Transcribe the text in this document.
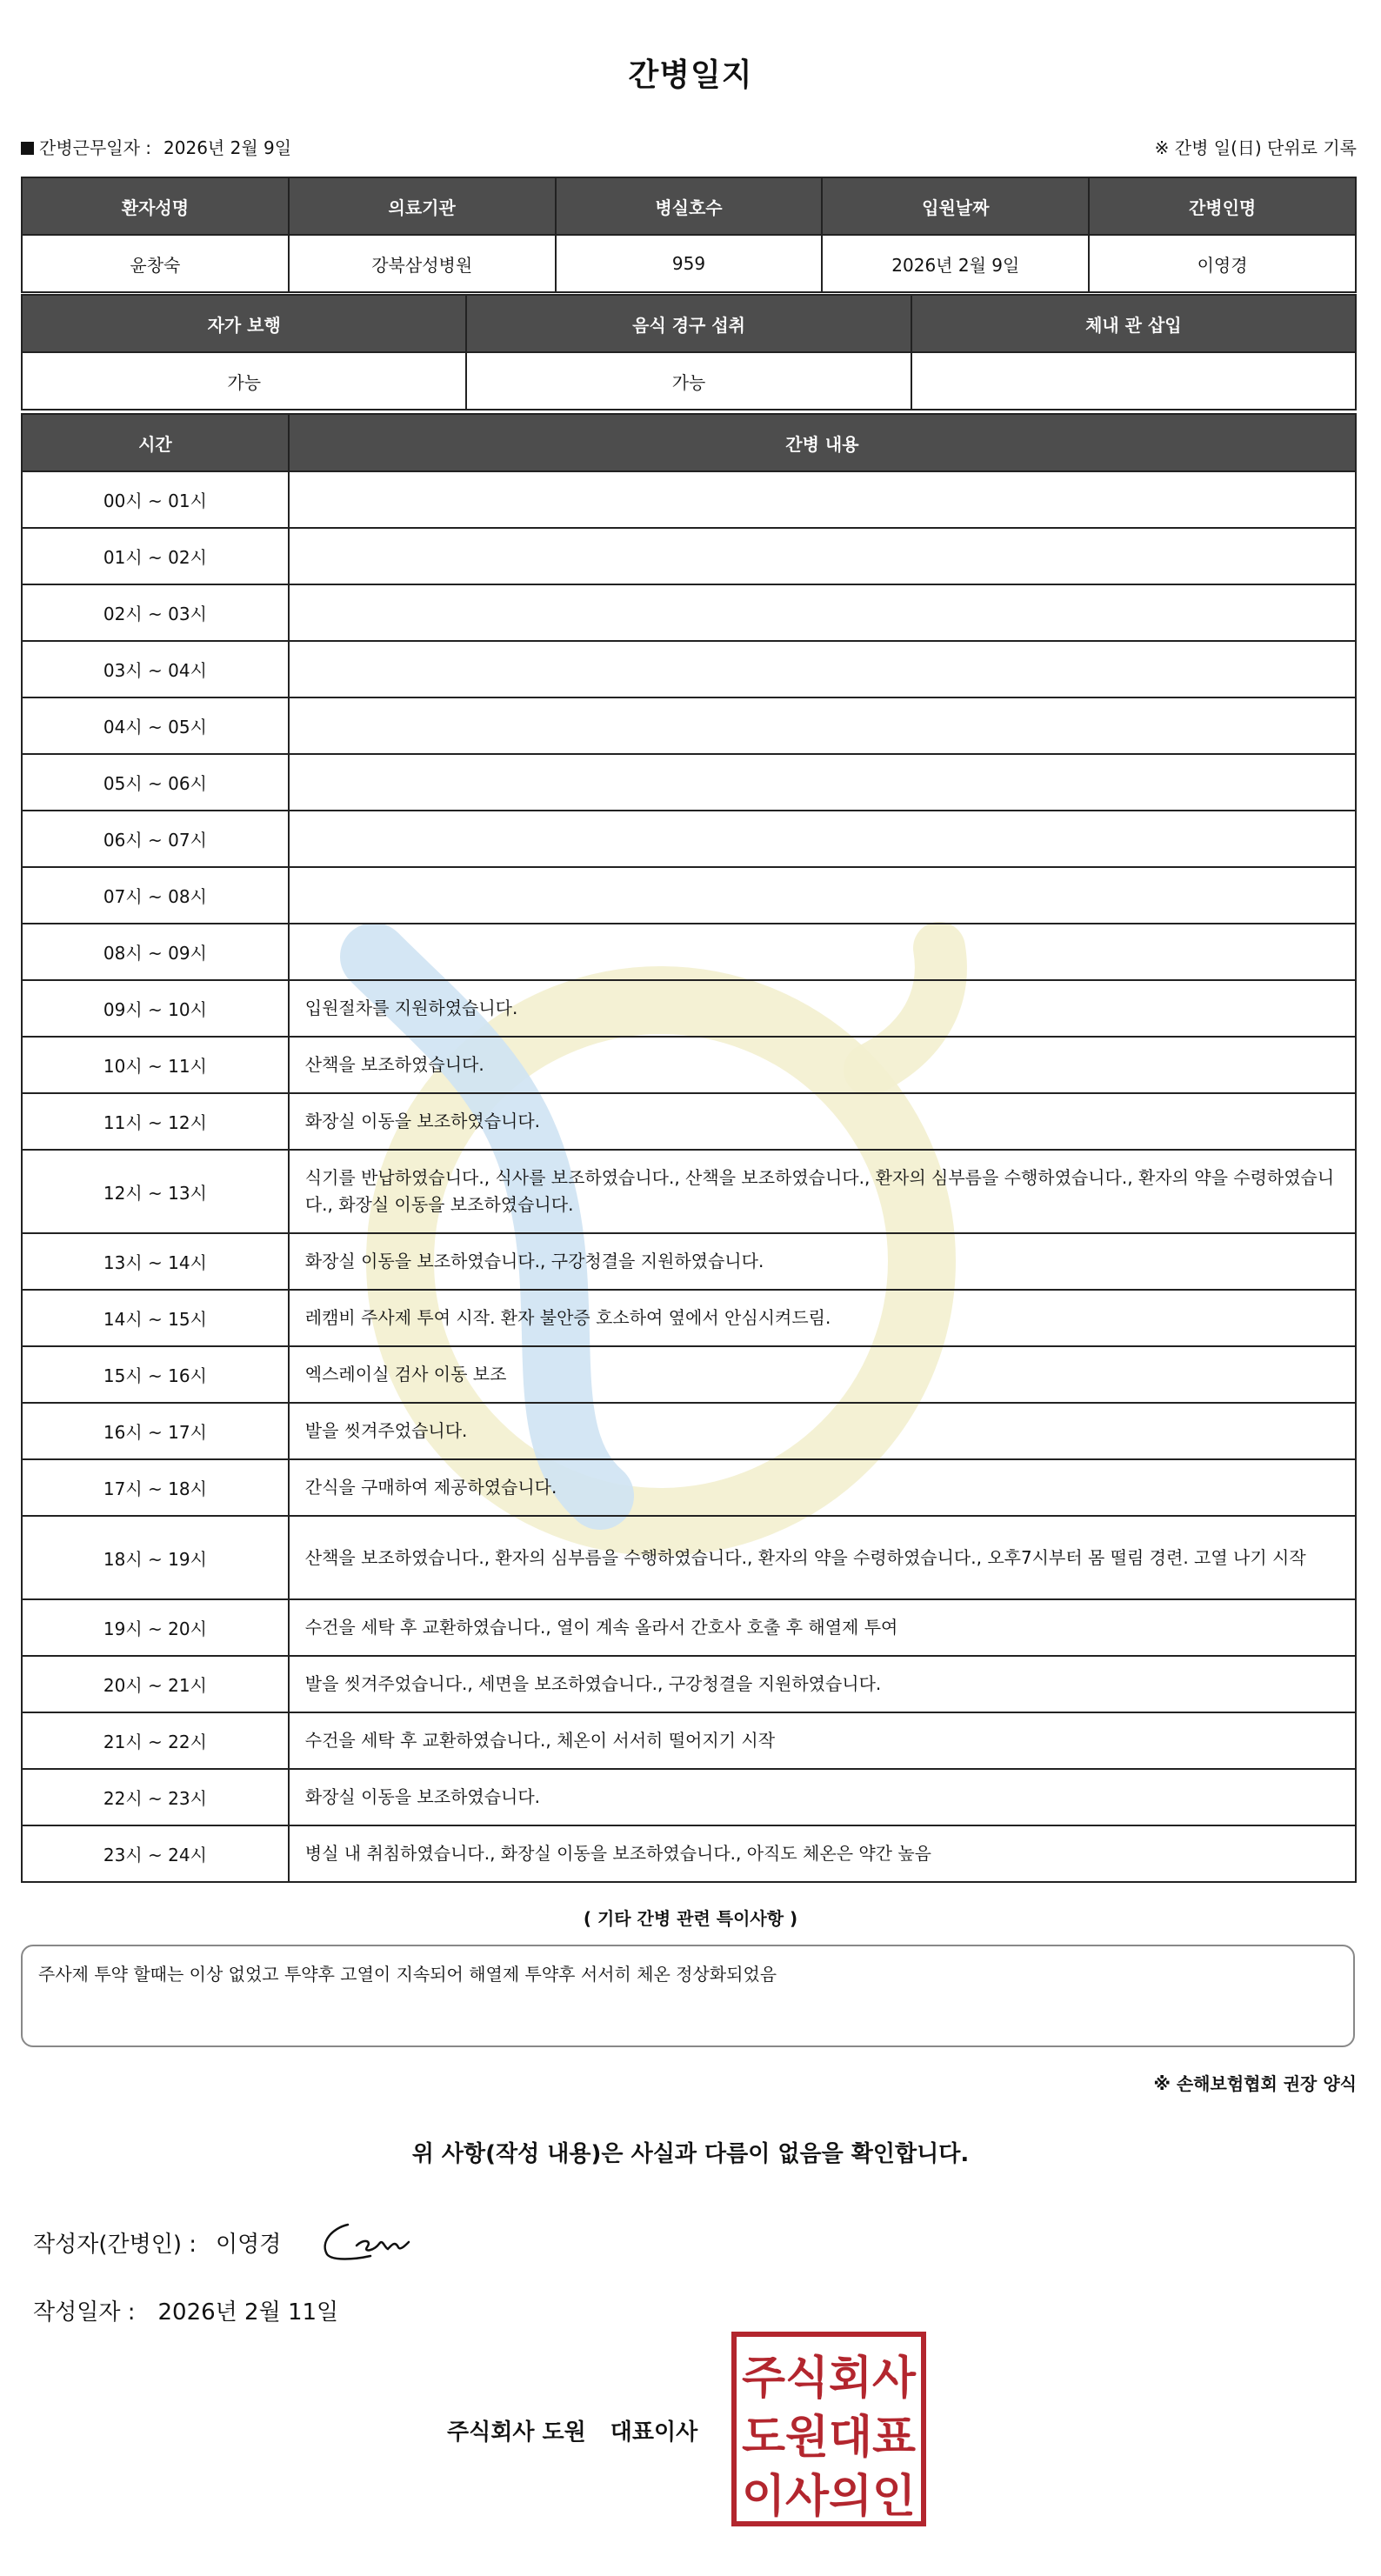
간병일지
간병근무일자 : 2026년 2월 9일	※ 간병 일(日) 단위로 기록
환자성명	의료기관	병실호수	입원날짜	간병인명
윤창숙	강북삼성병원	959	2026년 2월 9일	이영경
자가 보행	음식 경구 섭취	체내 관 삽입
가능	가능	
시간	간병 내용
00시 ~ 01시	
01시 ~ 02시	
02시 ~ 03시	
03시 ~ 04시	
04시 ~ 05시	
05시 ~ 06시	
06시 ~ 07시	
07시 ~ 08시	
08시 ~ 09시	
09시 ~ 10시	입원절차를 지원하였습니다.
10시 ~ 11시	산책을 보조하였습니다.
11시 ~ 12시	화장실 이동을 보조하였습니다.
12시 ~ 13시	식기를 반납하였습니다., 식사를 보조하였습니다., 산책을 보조하였습니다., 환자의 심부름을 수행하였습니다., 환자의 약을 수령하였습니다., 화장실 이동을 보조하였습니다.
13시 ~ 14시	화장실 이동을 보조하였습니다., 구강청결을 지원하였습니다.
14시 ~ 15시	레캠비 주사제 투여 시작. 환자 불안증 호소하여 옆에서 안심시켜드림.
15시 ~ 16시	엑스레이실 검사 이동 보조
16시 ~ 17시	발을 씻겨주었습니다.
17시 ~ 18시	간식을 구매하여 제공하였습니다.
18시 ~ 19시	산책을 보조하였습니다., 환자의 심부름을 수행하였습니다., 환자의 약을 수령하였습니다., 오후7시부터 몸 떨림 경련. 고열 나기 시작
19시 ~ 20시	수건을 세탁 후 교환하였습니다., 열이 계속 올라서 간호사 호출 후 해열제 투여
20시 ~ 21시	발을 씻겨주었습니다., 세면을 보조하였습니다., 구강청결을 지원하였습니다.
21시 ~ 22시	수건을 세탁 후 교환하였습니다., 체온이 서서히 떨어지기 시작
22시 ~ 23시	화장실 이동을 보조하였습니다.
23시 ~ 24시	병실 내 취침하였습니다., 화장실 이동을 보조하였습니다., 아직도 체온은 약간 높음
( 기타 간병 관련 특이사항 )
주사제 투약 할때는 이상 없었고 투약후 고열이 지속되어 해열제 투약후 서서히 체온 정상화되었음
※ 손해보험협회 권장 양식
위 사항(작성 내용)은 사실과 다름이 없음을 확인합니다.
작성자(간병인) : 이영경
작성일자 : 2026년 2월 11일
주식회사 도원 대표이사
주식회사
도원대표
이사의인
